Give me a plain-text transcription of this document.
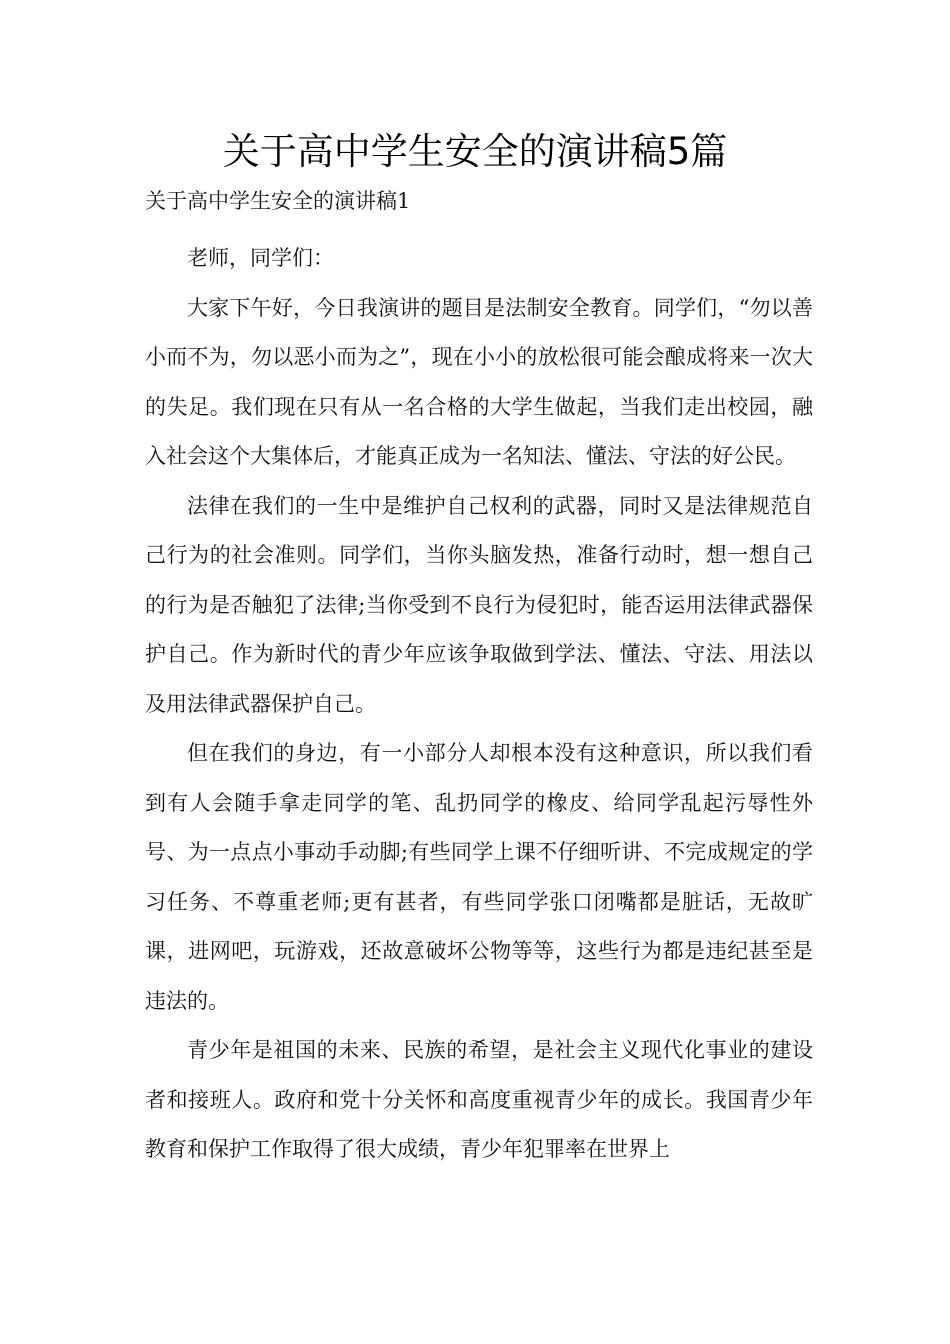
关于高中学生安全的演讲稿5篇
关于高中学生安全的演讲稿1

老师，同学们：

大家下午好，今日我演讲的题目是法制安全教育。同学们，“勿以善小而不为，勿以恶小而为之”，现在小小的放松很可能会酿成将来一次大的失足。我们现在只有从一名合格的大学生做起，当我们走出校园，融入社会这个大集体后，才能真正成为一名知法、懂法、守法的好公民。

法律在我们的一生中是维护自己权利的武器，同时又是法律规范自己行为的社会准则。同学们，当你头脑发热，准备行动时，想一想自己的行为是否触犯了法律;当你受到不良行为侵犯时，能否运用法律武器保护自己。作为新时代的青少年应该争取做到学法、懂法、守法、用法以及用法律武器保护自己。

但在我们的身边，有一小部分人却根本没有这种意识，所以我们看到有人会随手拿走同学的笔、乱扔同学的橡皮、给同学乱起污辱性外号、为一点点小事动手动脚;有些同学上课不仔细听讲、不完成规定的学习任务、不尊重老师;更有甚者，有些同学张口闭嘴都是脏话，无故旷课，进网吧，玩游戏，还故意破坏公物等等，这些行为都是违纪甚至是违法的。

青少年是祖国的未来、民族的希望，是社会主义现代化事业的建设者和接班人。政府和党十分关怀和高度重视青少年的成长。我国青少年教育和保护工作取得了很大成绩，青少年犯罪率在世界上
